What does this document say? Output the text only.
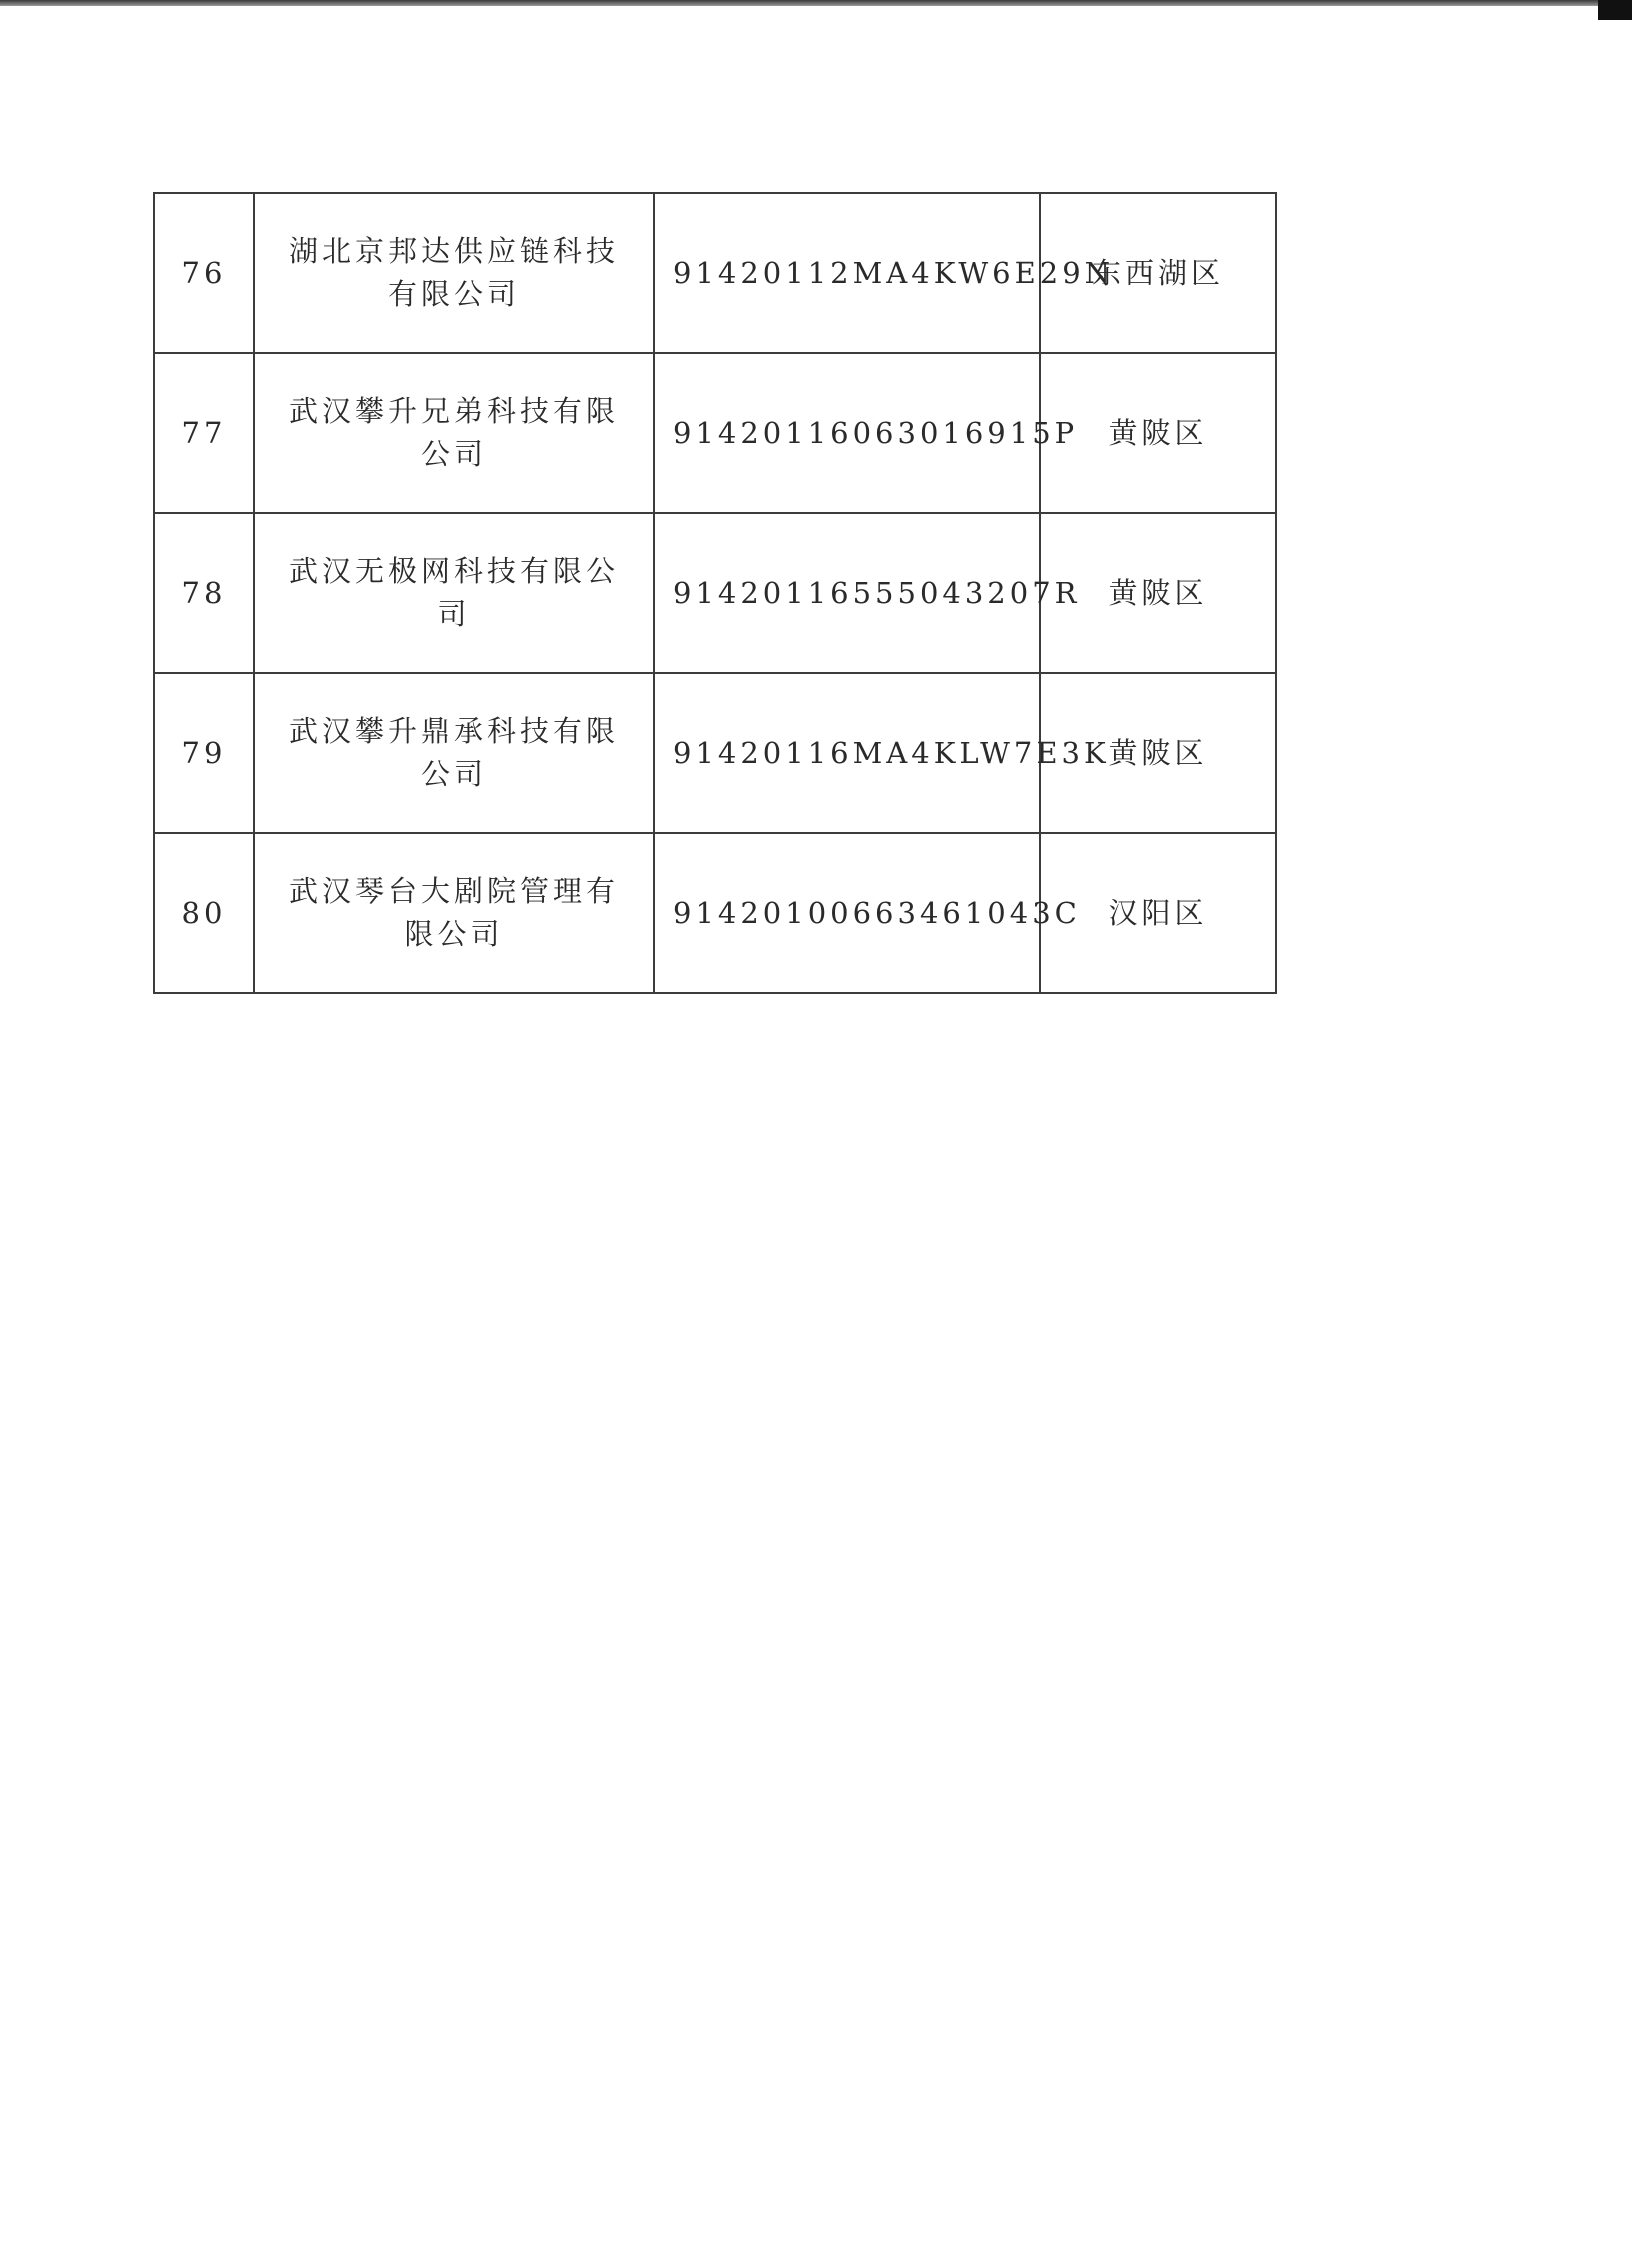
76	湖北京邦达供应链科技有限公司	91420112MA4KW6E29N	东西湖区
77	武汉攀升兄弟科技有限公司	91420116063016915P	黄陂区
78	武汉无极网科技有限公司	91420116555043207R	黄陂区
79	武汉攀升鼎承科技有限公司	91420116MA4KLW7E3K	黄陂区
80	武汉琴台大剧院管理有限公司	91420100663461043C	汉阳区
